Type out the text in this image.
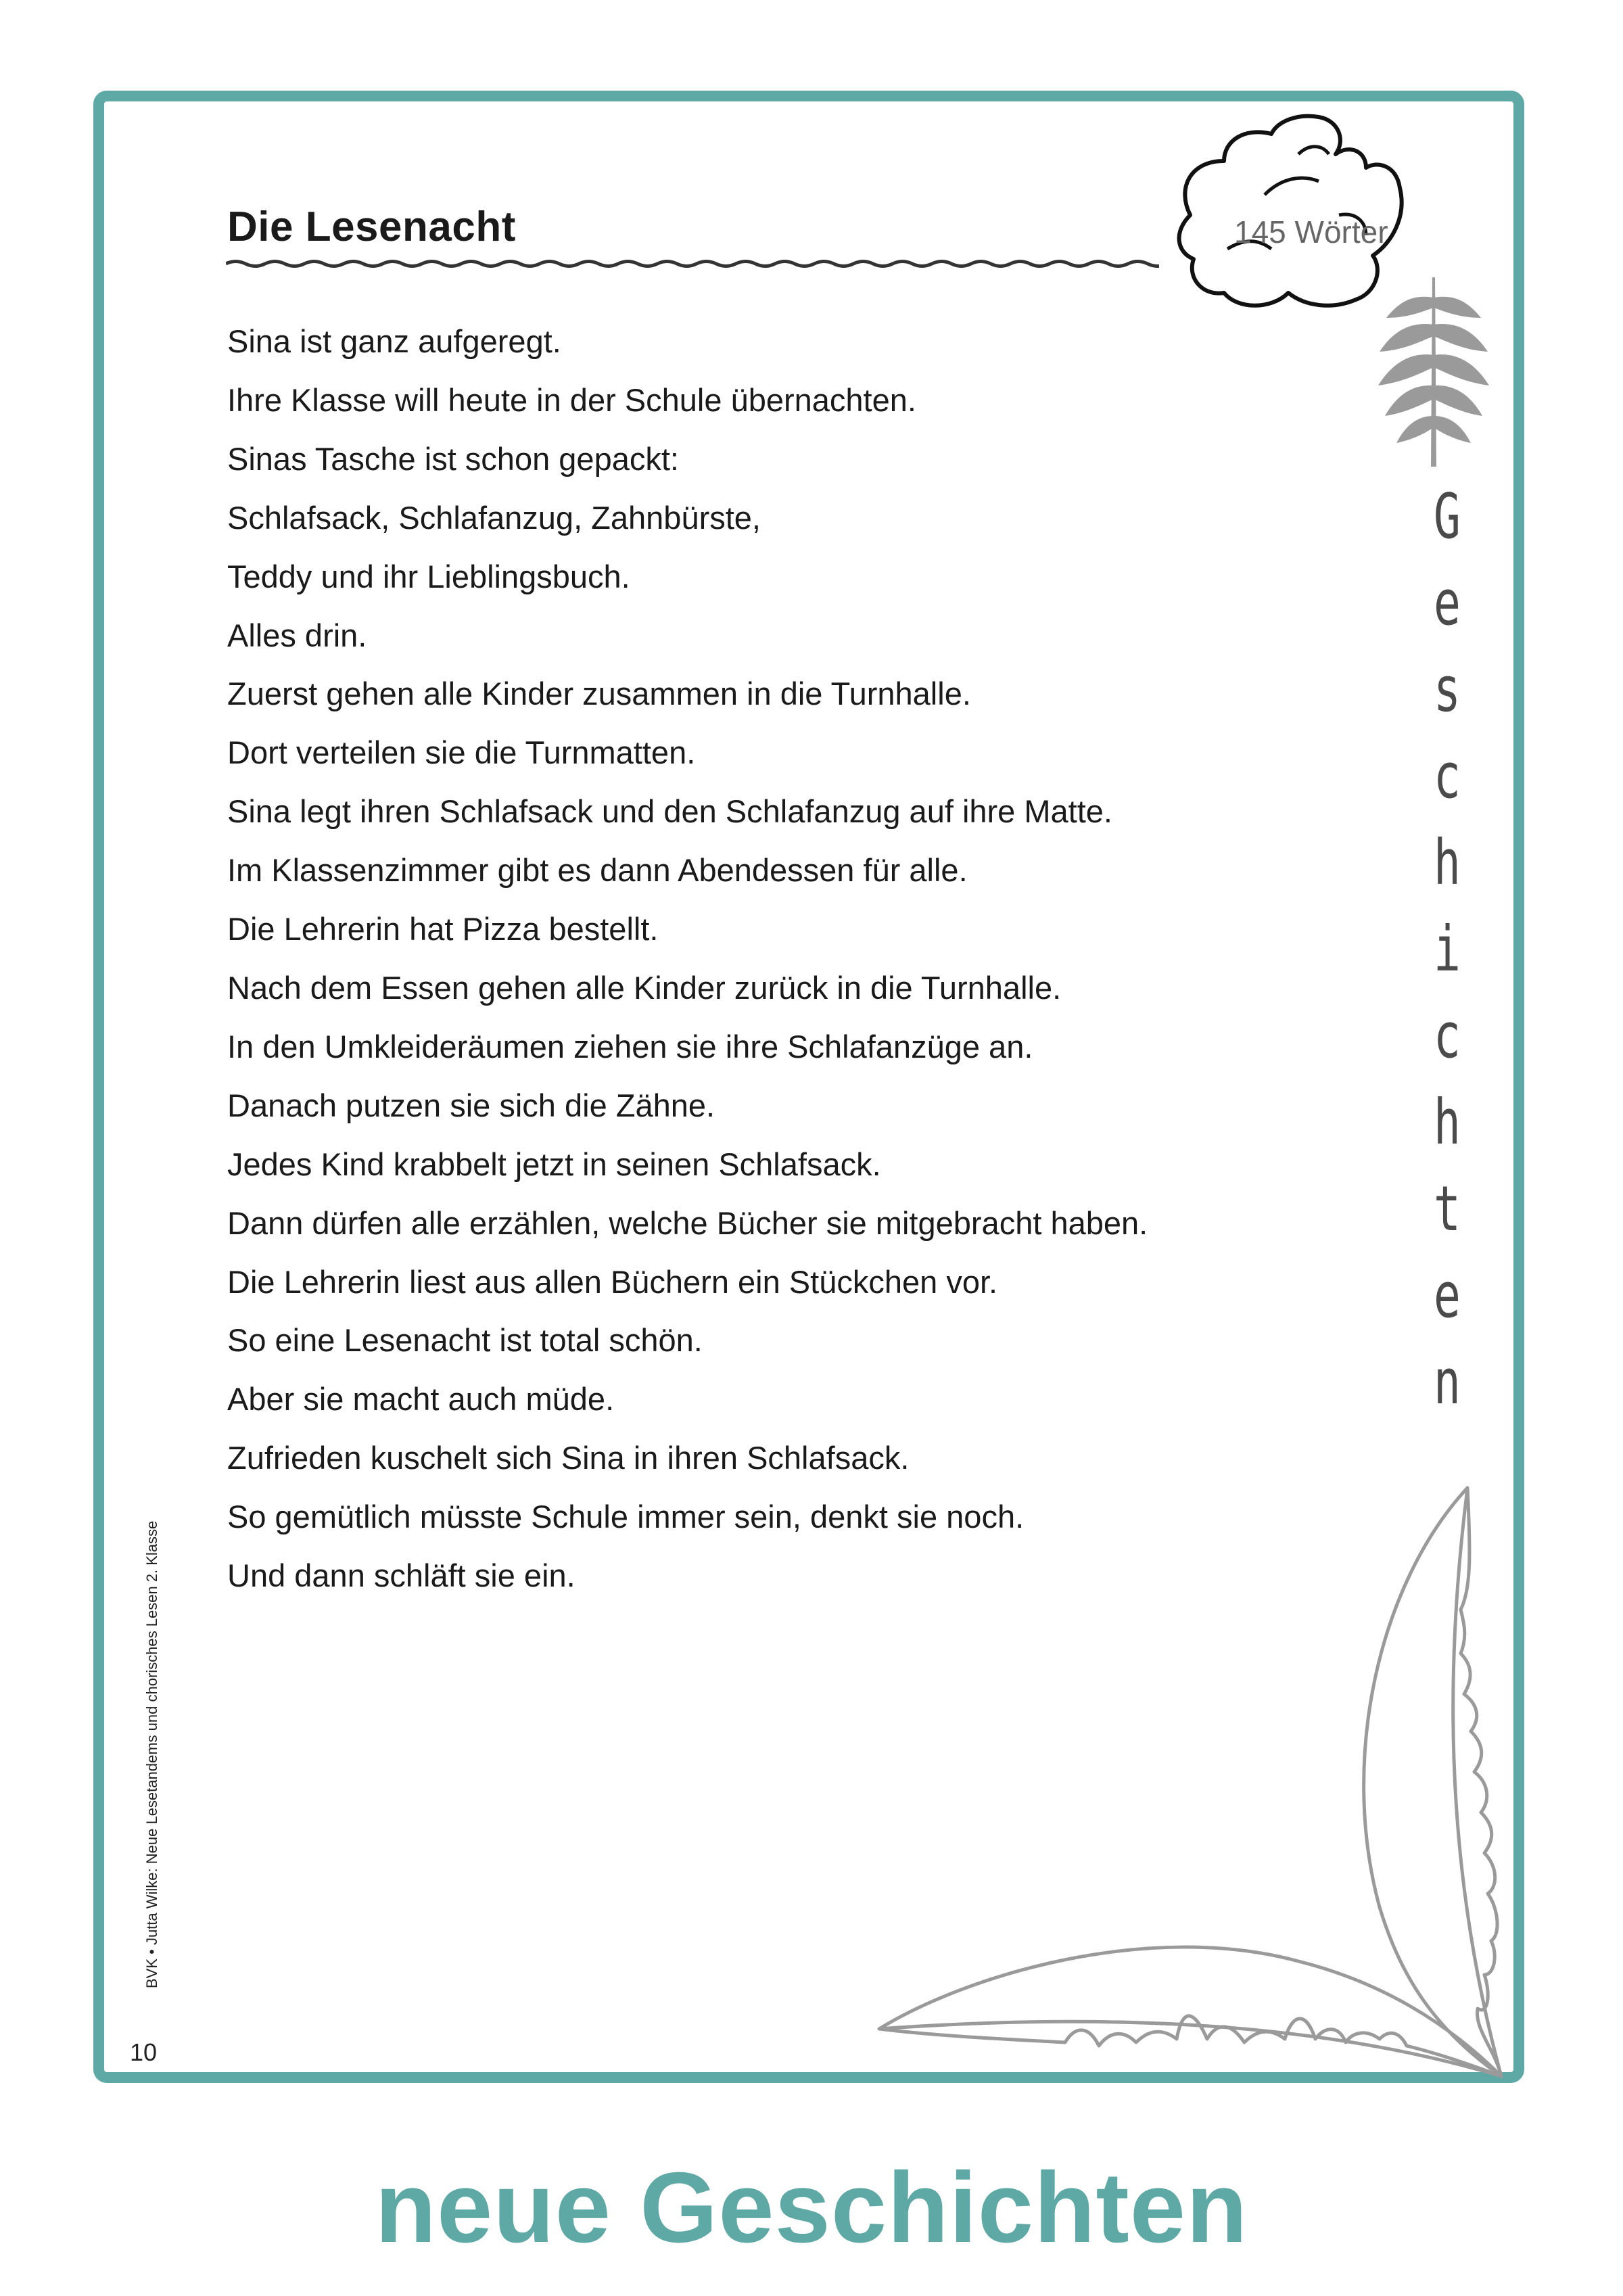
Die Lesenacht	145 Wörter
G
e
s
c
h
i
c
h
t
e
n
Sina ist ganz aufgeregt.
Ihre Klasse will heute in der Schule übernachten.
Sinas Tasche ist schon gepackt:
Schlafsack, Schlafanzug, Zahnbürste,
Teddy und ihr Lieblingsbuch.
Alles drin.
Zuerst gehen alle Kinder zusammen in die Turnhalle.
Dort verteilen sie die Turnmatten.
Sina legt ihren Schlafsack und den Schlafanzug auf ihre Matte.
Im Klassenzimmer gibt es dann Abendessen für alle.
Die Lehrerin hat Pizza bestellt.
Nach dem Essen gehen alle Kinder zurück in die Turnhalle.
In den Umkleideräumen ziehen sie ihre Schlafanzüge an.
Danach putzen sie sich die Zähne.
Jedes Kind krabbelt jetzt in seinen Schlafsack.
Dann dürfen alle erzählen, welche Bücher sie mitgebracht haben.
Die Lehrerin liest aus allen Büchern ein Stückchen vor.
So eine Lesenacht ist total schön.
Aber sie macht auch müde.
Zufrieden kuschelt sich Sina in ihren Schlafsack.
So gemütlich müsste Schule immer sein, denkt sie noch.
Und dann schläft sie ein.
BVK • Jutta Wilke: Neue Lesetandems und chorisches Lesen 2. Klasse
10
neue Geschichten
